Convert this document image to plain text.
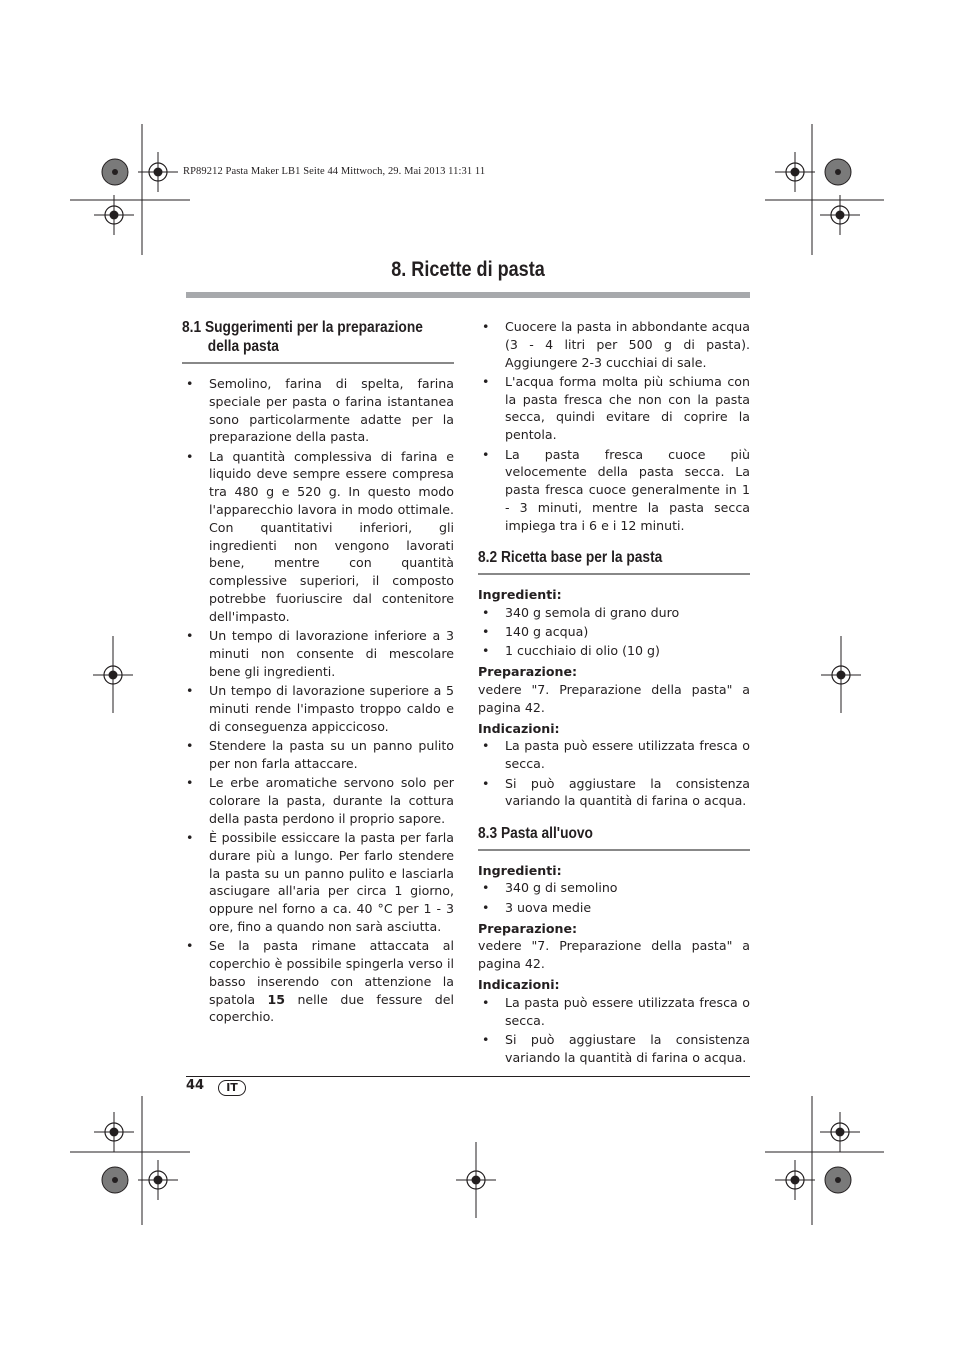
RP89212 Pasta Maker LB1 Seite 44 Mittwoch, 29. Mai 2013 11:31 11
8. Ricette di pasta
8.1 Suggerimenti per la preparazione
della pasta
• Semolino, farina di spelta, farina speciale per pasta o farina istantanea sono particolarmente adatte per la preparazione della pasta.
• La quantità complessiva di farina e liquido deve sempre essere compresa tra 480 g e 520 g. In questo modo l'apparecchio lavora in modo ottimale. Con quantitativi inferiori, gli ingredienti non vengono lavorati bene, mentre con quantità complessive superiori, il composto potrebbe fuoriuscire dal contenitore dell'impasto.
• Un tempo di lavorazione inferiore a 3 minuti non consente di mescolare bene gli ingredienti.
• Un tempo di lavorazione superiore a 5 minuti rende l'impasto troppo caldo e di conseguenza appiccicoso.
• Stendere la pasta su un panno pulito per non farla attaccare.
• Le erbe aromatiche servono solo per colorare la pasta, durante la cottura della pasta perdono il proprio sapore.
• È possibile essiccare la pasta per farla durare più a lungo. Per farlo stendere la pasta su un panno pulito e lasciarla asciugare all'aria per circa 1 giorno, oppure nel forno a ca. 40 °C per 1 - 3 ore, fino a quando non sarà asciutta.
• Se la pasta rimane attaccata al coperchio è possibile spingerla verso il basso inserendo con attenzione la spatola 15 nelle due fessure del coperchio.
• Cuocere la pasta in abbondante acqua (3 - 4 litri per 500 g di pasta). Aggiungere 2-3 cucchiai di sale.
• L'acqua forma molta più schiuma con la pasta fresca che non con la pasta secca, quindi evitare di coprire la pentola.
• La pasta fresca cuoce più velocemente della pasta secca. La pasta fresca cuoce generalmente in 1 - 3 minuti, mentre la pasta secca impiega tra i 6 e i 12 minuti.
8.2 Ricetta base per la pasta
Ingredienti:
• 340 g semola di grano duro
• 140 g acqua)
• 1 cucchiaio di olio (10 g)
Preparazione:
vedere "7. Preparazione della pasta" a pagina 42.
Indicazioni:
• La pasta può essere utilizzata fresca o secca.
• Si può aggiustare la consistenza variando la quantità di farina o acqua.
8.3 Pasta all'uovo
Ingredienti:
• 340 g di semolino
• 3 uova medie
Preparazione:
vedere "7. Preparazione della pasta" a pagina 42.
Indicazioni:
• La pasta può essere utilizzata fresca o secca.
• Si può aggiustare la consistenza variando la quantità di farina o acqua.
44	IT
